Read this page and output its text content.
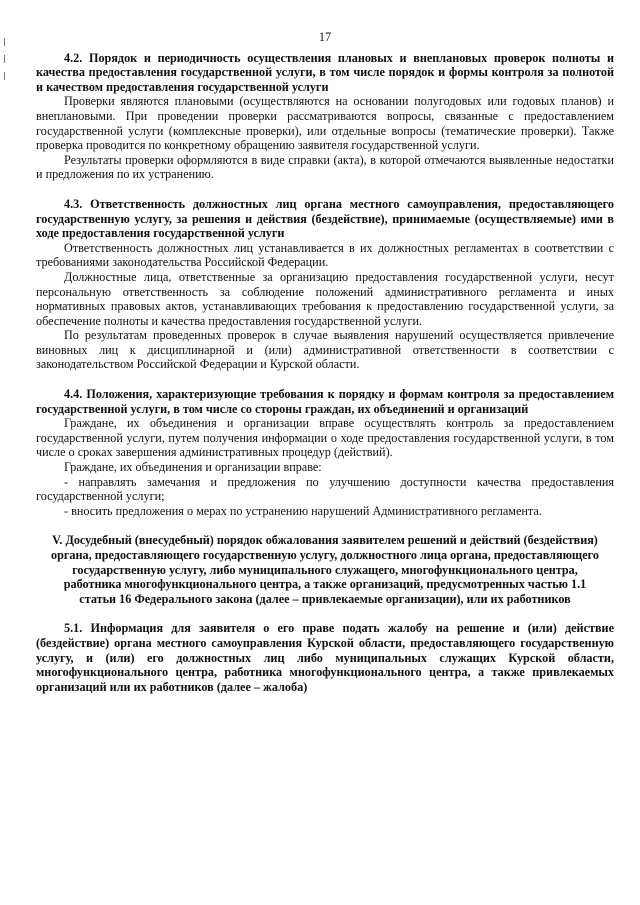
17

4.2. Порядок и периодичность осуществления плановых и внеплановых проверок полноты и качества предоставления государственной услуги, в том числе порядок и формы контроля за полнотой и качеством предоставления государственной услуги

Проверки являются плановыми (осуществляются на основании полугодовых или годовых планов) и внеплановыми. При проведении проверки рассматриваются вопросы, связанные с предоставлением государственной услуги (комплексные проверки), или отдельные вопросы (тематические проверки). Также проверка проводится по конкретному обращению заявителя государственной услуги.

Результаты проверки оформляются в виде справки (акта), в которой отмечаются выявленные недостатки и предложения по их устранению.

4.3. Ответственность должностных лиц органа местного самоуправления, предоставляющего государственную услугу, за решения и действия (бездействие), принимаемые (осуществляемые) ими в ходе предоставления государственной услуги

Ответственность должностных лиц устанавливается в их должностных регламентах в соответствии с требованиями законодательства Российской Федерации.

Должностные лица, ответственные за организацию предоставления государственной услуги, несут персональную ответственность за соблюдение положений административного регламента и иных нормативных правовых актов, устанавливающих требования к предоставлению государственной услуги, за обеспечение полноты и качества предоставления государственной услуги.

По результатам проведенных проверок в случае выявления нарушений осуществляется привлечение виновных лиц к дисциплинарной и (или) административной ответственности в соответствии с законодательством Российской Федерации и Курской области.

4.4. Положения, характеризующие требования к порядку и формам контроля за предоставлением государственной услуги, в том числе со стороны граждан, их объединений и организаций

Граждане, их объединения и организации вправе осуществлять контроль за предоставлением государственной услуги, путем получения информации о ходе предоставления государственной услуги, в том числе о сроках завершения административных процедур (действий).

Граждане, их объединения и организации вправе:

- направлять замечания и предложения по улучшению доступности качества предоставления государственной услуги;

- вносить предложения о мерах по устранению нарушений Административного регламента.

V. Досудебный (внесудебный) порядок обжалования заявителем решений и действий (бездействия) органа, предоставляющего государственную услугу, должностного лица органа, предоставляющего государственную услугу, либо муниципального служащего, многофункционального центра, работника многофункционального центра, а также организаций, предусмотренных частью 1.1 статьи 16 Федерального закона (далее – привлекаемые организации), или их работников

5.1. Информация для заявителя о его праве подать жалобу на решение и (или) действие (бездействие) органа местного самоуправления Курской области, предоставляющего государственную услугу, и (или) его должностных лиц либо муниципальных служащих Курской области, многофункционального центра, работника многофункционального центра, а также привлекаемых организаций или их работников (далее – жалоба)
